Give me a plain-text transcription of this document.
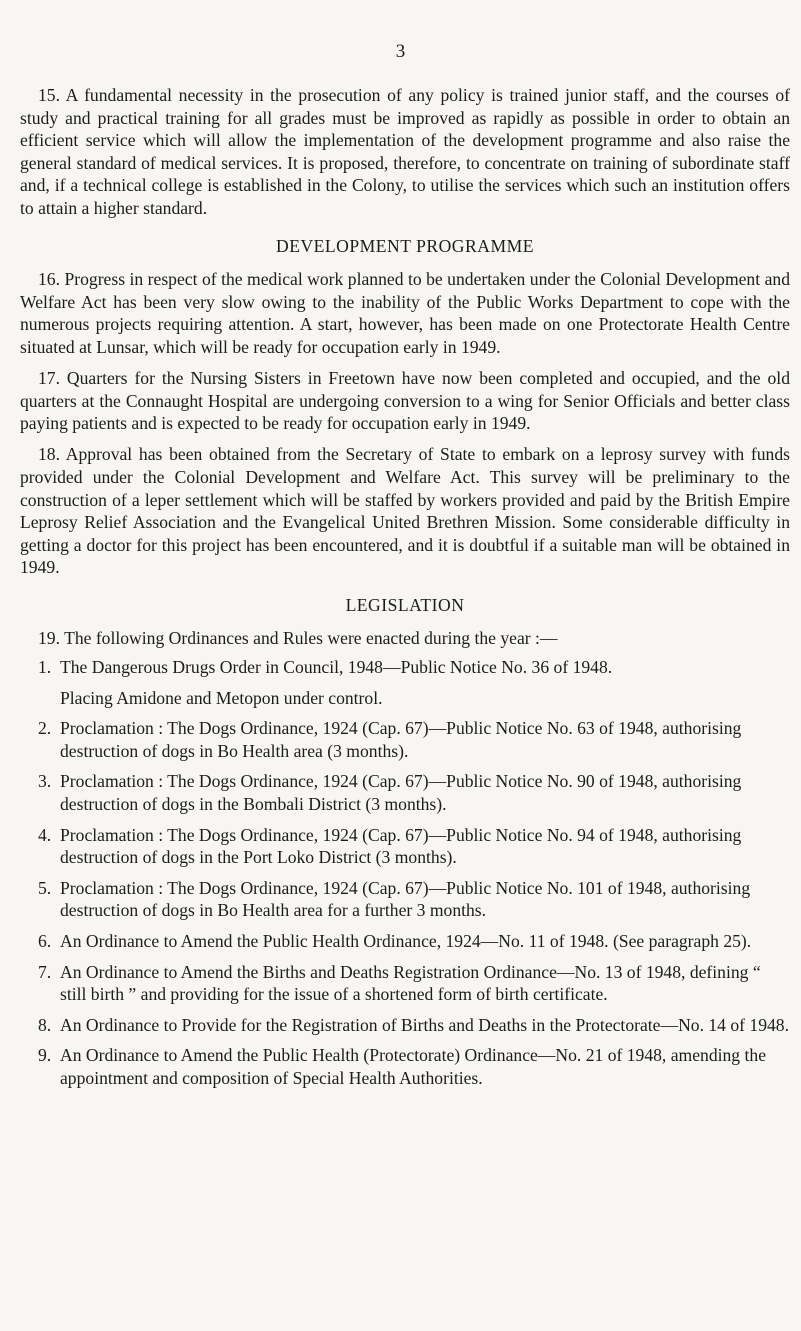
3

15. A fundamental necessity in the prosecution of any policy is trained junior staff, and the courses of study and practical training for all grades must be improved as rapidly as possible in order to obtain an efficient service which will allow the implementation of the development programme and also raise the general standard of medical services. It is proposed, therefore, to concentrate on training of subordinate staff and, if a technical college is established in the Colony, to utilise the services which such an institution offers to attain a higher standard.

DEVELOPMENT PROGRAMME

16. Progress in respect of the medical work planned to be undertaken under the Colonial Development and Welfare Act has been very slow owing to the inability of the Public Works Department to cope with the numerous projects requiring attention. A start, however, has been made on one Protectorate Health Centre situated at Lunsar, which will be ready for occupation early in 1949.

17. Quarters for the Nursing Sisters in Freetown have now been completed and occupied, and the old quarters at the Connaught Hospital are undergoing conversion to a wing for Senior Officials and better class paying patients and is expected to be ready for occupation early in 1949.

18. Approval has been obtained from the Secretary of State to embark on a leprosy survey with funds provided under the Colonial Development and Welfare Act. This survey will be preliminary to the construction of a leper settlement which will be staffed by workers provided and paid by the British Empire Leprosy Relief Association and the Evangelical United Brethren Mission. Some considerable difficulty in getting a doctor for this project has been encountered, and it is doubtful if a suitable man will be obtained in 1949.

LEGISLATION
19. The following Ordinances and Rules were enacted during the year :—
1. The Dangerous Drugs Order in Council, 1948—Public Notice No. 36 of 1948.
Placing Amidone and Metopon under control.
2. Proclamation : The Dogs Ordinance, 1924 (Cap. 67)—Public Notice No. 63 of 1948, authorising destruction of dogs in Bo Health area (3 months).
3. Proclamation : The Dogs Ordinance, 1924 (Cap. 67)—Public Notice No. 90 of 1948, authorising destruction of dogs in the Bombali District (3 months).
4. Proclamation : The Dogs Ordinance, 1924 (Cap. 67)—Public Notice No. 94 of 1948, authorising destruction of dogs in the Port Loko District (3 months).
5. Proclamation : The Dogs Ordinance, 1924 (Cap. 67)—Public Notice No. 101 of 1948, authorising destruction of dogs in Bo Health area for a further 3 months.
6. An Ordinance to Amend the Public Health Ordinance, 1924—No. 11 of 1948. (See paragraph 25).
7. An Ordinance to Amend the Births and Deaths Registration Ordinance—No. 13 of 1948, defining “ still birth ” and providing for the issue of a shortened form of birth certificate.
8. An Ordinance to Provide for the Registration of Births and Deaths in the Protectorate—No. 14 of 1948.
9. An Ordinance to Amend the Public Health (Protectorate) Ordinance—No. 21 of 1948, amending the appointment and composition of Special Health Authorities.
